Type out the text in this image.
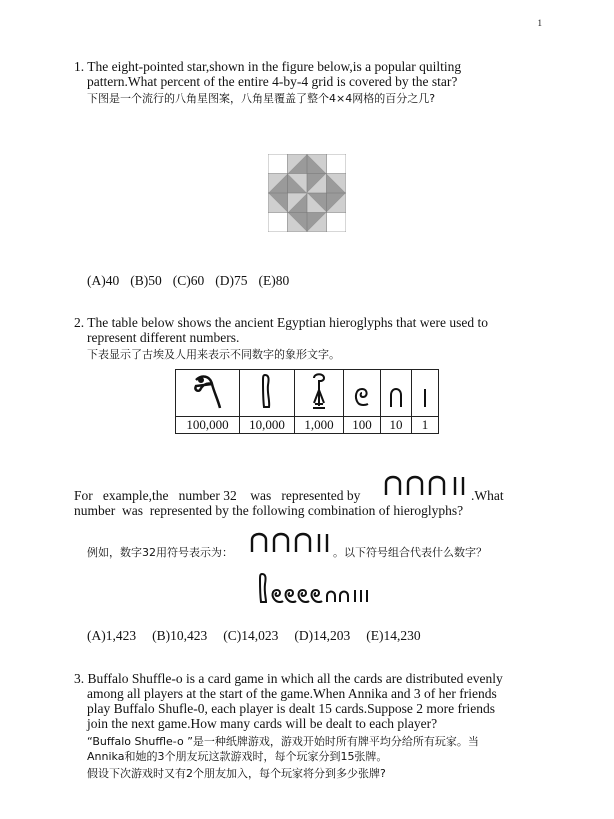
1
1. The eight-pointed star,shown in the figure below,is a popular quilting
pattern.What percent of the entire 4-by-4 grid is covered by the star?
下图是一个流行的八角星图案，八角星覆盖了整个4×4网格的百分之几?
(A)40 (B)50 (C)60 (D)75 (E)80
2. The table below shows the ancient Egyptian hieroglyphs that were used to
represent different numbers.
下表显示了古埃及人用来表示不同数字的象形文字。

100,000	10,000	1,000	100	10	1
For   example,the   number 32    was   represented by	.What
number  was  represented by the following combination of hieroglyphs?
例如，数字32用符号表示为：	。以下符号组合代表什么数字？
(A)1,423 (B)10,423 (C)14,023 (D)14,203 (E)14,230
3. Buffalo Shuffle-o is a card game in which all the cards are distributed evenly
among all players at the start of the game.When Annika and 3 of her friends
play Buffalo Shufle-0, each player is dealt 15 cards.Suppose 2 more friends
join the next game.How many cards will be dealt to each player?
“Buffalo Shuffle-o ”是一种纸牌游戏，游戏开始时所有牌平均分给所有玩家。当
Annika和她的3个朋友玩这款游戏时，每个玩家分到15张牌。
假设下次游戏时又有2个朋友加入，每个玩家将分到多少张牌?
